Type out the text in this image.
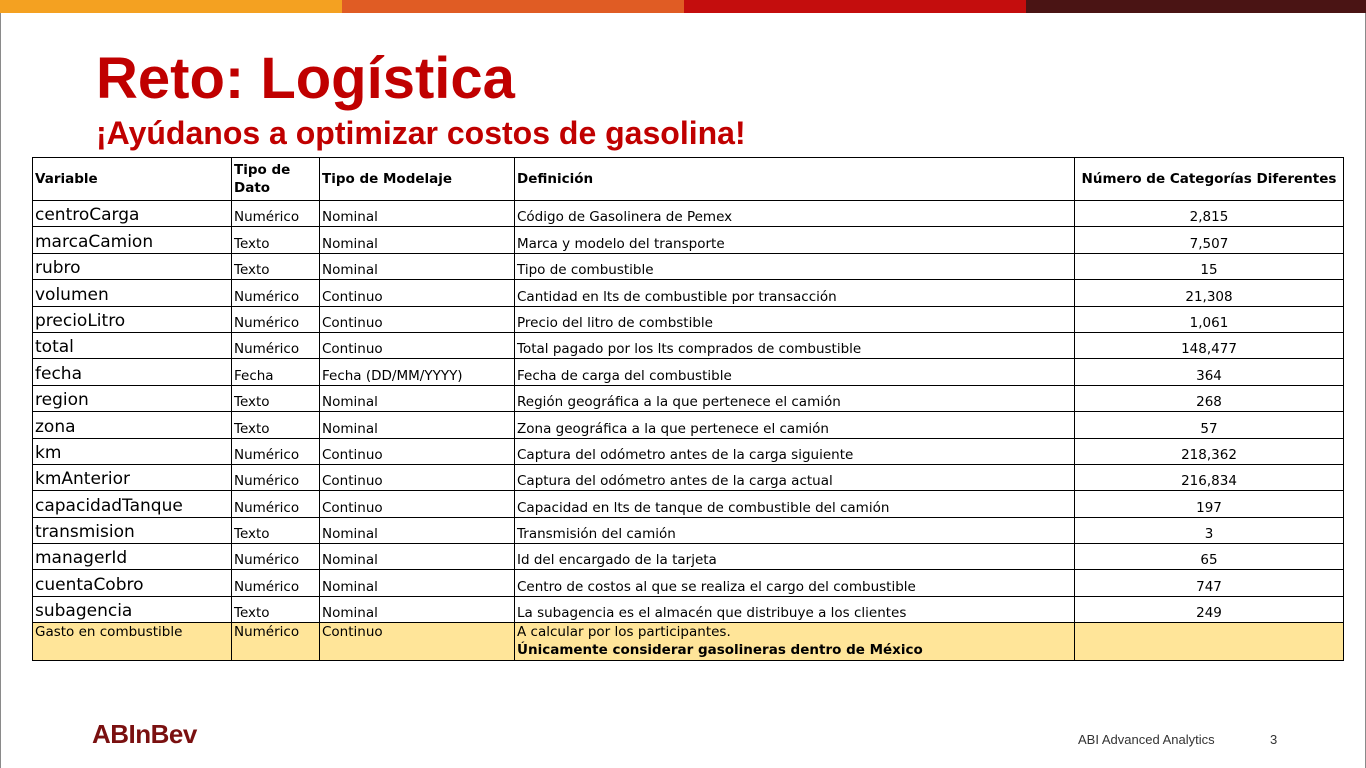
Reto: Logística
¡Ayúdanos a optimizar costos de gasolina!
Variable	Tipo de Dato	Tipo de Modelaje	Definición	Número de Categorías Diferentes
centroCarga	Numérico	Nominal	Código de Gasolinera de Pemex	2,815
marcaCamion	Texto	Nominal	Marca y modelo del transporte	7,507
rubro	Texto	Nominal	Tipo de combustible	15
volumen	Numérico	Continuo	Cantidad en lts de combustible por transacción	21,308
precioLitro	Numérico	Continuo	Precio del litro de combstible	1,061
total	Numérico	Continuo	Total pagado por los lts comprados de combustible	148,477
fecha	Fecha	Fecha (DD/MM/YYYY)	Fecha de carga del combustible	364
region	Texto	Nominal	Región geográfica a la que pertenece el camión	268
zona	Texto	Nominal	Zona geográfica a la que pertenece el camión	57
km	Numérico	Continuo	Captura del odómetro antes de la carga siguiente	218,362
kmAnterior	Numérico	Continuo	Captura del odómetro antes de la carga actual	216,834
capacidadTanque	Numérico	Continuo	Capacidad en lts de tanque de combustible del camión	197
transmision	Texto	Nominal	Transmisión del camión	3
managerId	Numérico	Nominal	Id del encargado de la tarjeta	65
cuentaCobro	Numérico	Nominal	Centro de costos al que se realiza el cargo del combustible	747
subagencia	Texto	Nominal	La subagencia es el almacén que distribuye a los clientes	249
Gasto en combustible	Numérico	Continuo	A calcular por los participantes.
Únicamente considerar gasolineras dentro de México	

ABInBev	ABI Advanced Analytics	3
